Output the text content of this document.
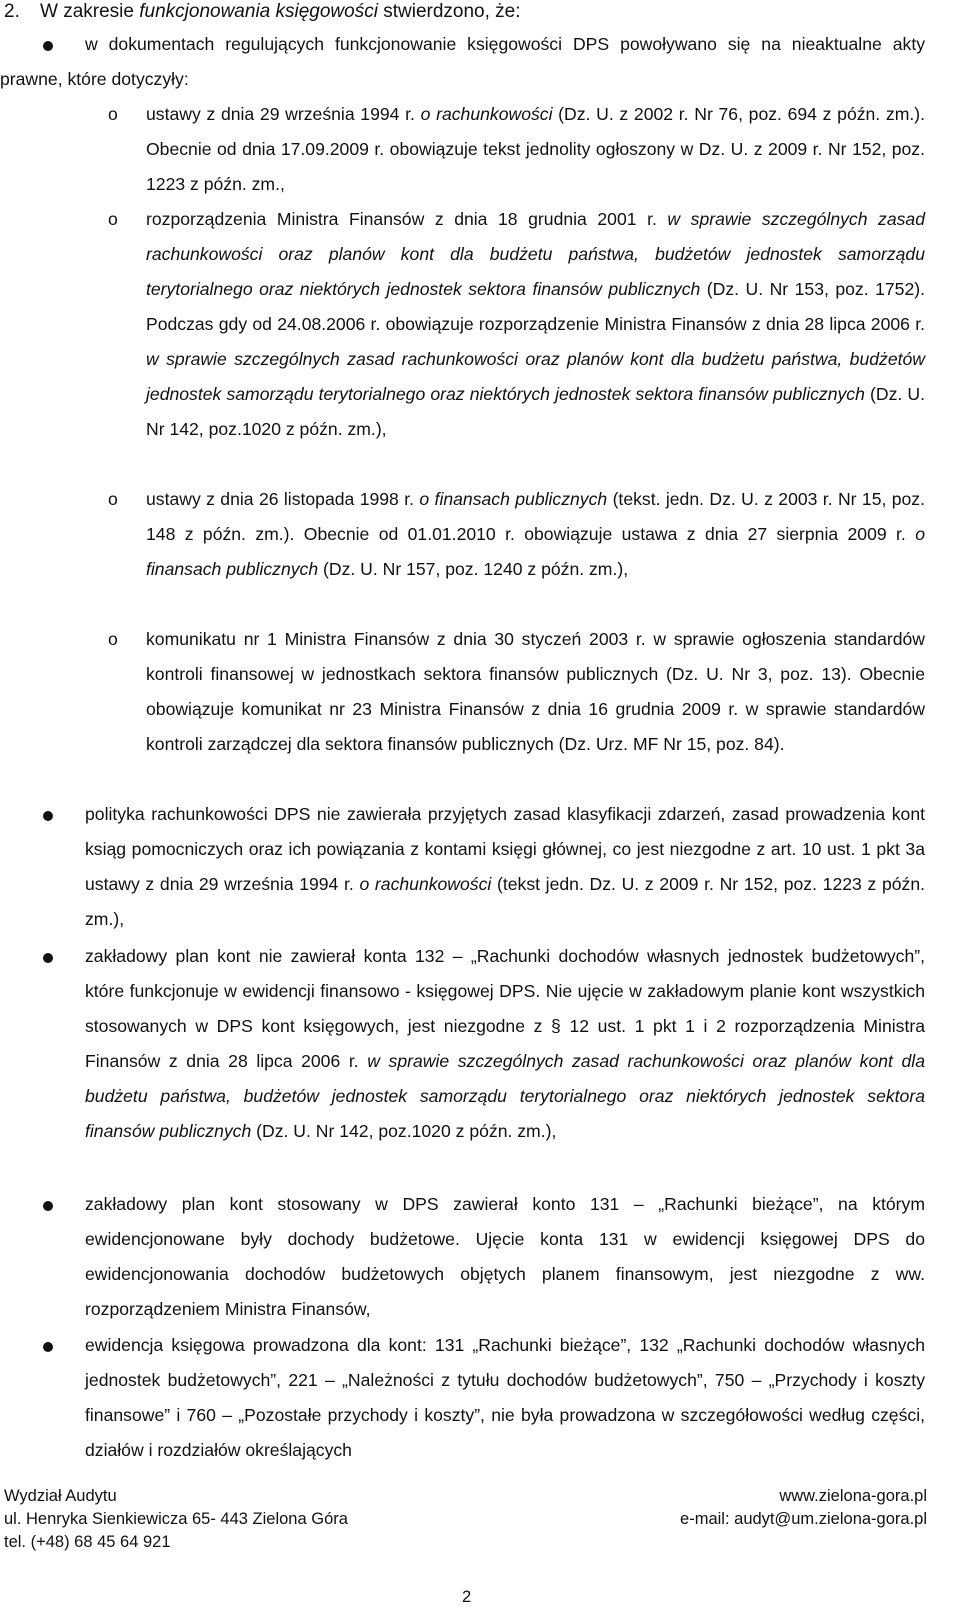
2. W zakresie funkcjonowania księgowości stwierdzono, że:
w dokumentach regulujących funkcjonowanie księgowości DPS powoływano się na nieaktualne akty prawne, które dotyczyły:
o ustawy z dnia 29 września 1994 r. o rachunkowości (Dz. U. z 2002 r. Nr 76, poz. 694 z późn. zm.). Obecnie od dnia 17.09.2009 r. obowiązuje tekst jednolity ogłoszony w Dz. U. z 2009 r. Nr 152, poz. 1223 z późn. zm.,
o rozporządzenia Ministra Finansów z dnia 18 grudnia 2001 r. w sprawie szczególnych zasad rachunkowości oraz planów kont dla budżetu państwa, budżetów jednostek samorządu terytorialnego oraz niektórych jednostek sektora finansów publicznych (Dz. U. Nr 153, poz. 1752). Podczas gdy od 24.08.2006 r. obowiązuje rozporządzenie Ministra Finansów z dnia 28 lipca 2006 r. w sprawie szczególnych zasad rachunkowości oraz planów kont dla budżetu państwa, budżetów jednostek samorządu terytorialnego oraz niektórych jednostek sektora finansów publicznych (Dz. U. Nr 142, poz.1020 z późn. zm.),
o ustawy z dnia 26 listopada 1998 r. o finansach publicznych (tekst. jedn. Dz. U. z 2003 r. Nr 15, poz. 148 z późn. zm.). Obecnie od 01.01.2010 r. obowiązuje ustawa z dnia 27 sierpnia 2009 r. o finansach publicznych (Dz. U. Nr 157, poz. 1240 z późn. zm.),
o komunikatu nr 1 Ministra Finansów z dnia 30 styczeń 2003 r. w sprawie ogłoszenia standardów kontroli finansowej w jednostkach sektora finansów publicznych (Dz. U. Nr 3, poz. 13). Obecnie obowiązuje komunikat nr 23 Ministra Finansów z dnia 16 grudnia 2009 r. w sprawie standardów kontroli zarządczej dla sektora finansów publicznych (Dz. Urz. MF Nr 15, poz. 84).
polityka rachunkowości DPS nie zawierała przyjętych zasad klasyfikacji zdarzeń, zasad prowadzenia kont ksiąg pomocniczych oraz ich powiązania z kontami księgi głównej, co jest niezgodne z art. 10 ust. 1 pkt 3a ustawy z dnia 29 września 1994 r. o rachunkowości (tekst jedn. Dz. U. z 2009 r. Nr 152, poz. 1223 z późn. zm.),
zakładowy plan kont nie zawierał konta 132 – „Rachunki dochodów własnych jednostek budżetowych”, które funkcjonuje w ewidencji finansowo - księgowej DPS. Nie ujęcie w zakładowym planie kont wszystkich stosowanych w DPS kont księgowych, jest niezgodne z § 12 ust. 1 pkt 1 i 2 rozporządzenia Ministra Finansów z dnia 28 lipca 2006 r. w sprawie szczególnych zasad rachunkowości oraz planów kont dla budżetu państwa, budżetów jednostek samorządu terytorialnego oraz niektórych jednostek sektora finansów publicznych (Dz. U. Nr 142, poz.1020 z późn. zm.),
zakładowy plan kont stosowany w DPS zawierał konto 131 – „Rachunki bieżące”, na którym ewidencjonowane były dochody budżetowe. Ujęcie konta 131 w ewidencji księgowej DPS do ewidencjonowania dochodów budżetowych objętych planem finansowym, jest niezgodne z ww. rozporządzeniem Ministra Finansów,
ewidencja księgowa prowadzona dla kont: 131 „Rachunki bieżące”, 132 „Rachunki dochodów własnych jednostek budżetowych”, 221 – „Należności z tytułu dochodów budżetowych”, 750 – „Przychody i koszty finansowe” i 760 – „Pozostałe przychody i koszty”, nie była prowadzona w szczegółowości według części, działów i rozdziałów określających
Wydział Audytu
ul. Henryka Sienkiewicza 65- 443 Zielona Góra
tel. (+48) 68 45 64 921
www.zielona-gora.pl
e-mail: audyt@um.zielona-gora.pl
2
